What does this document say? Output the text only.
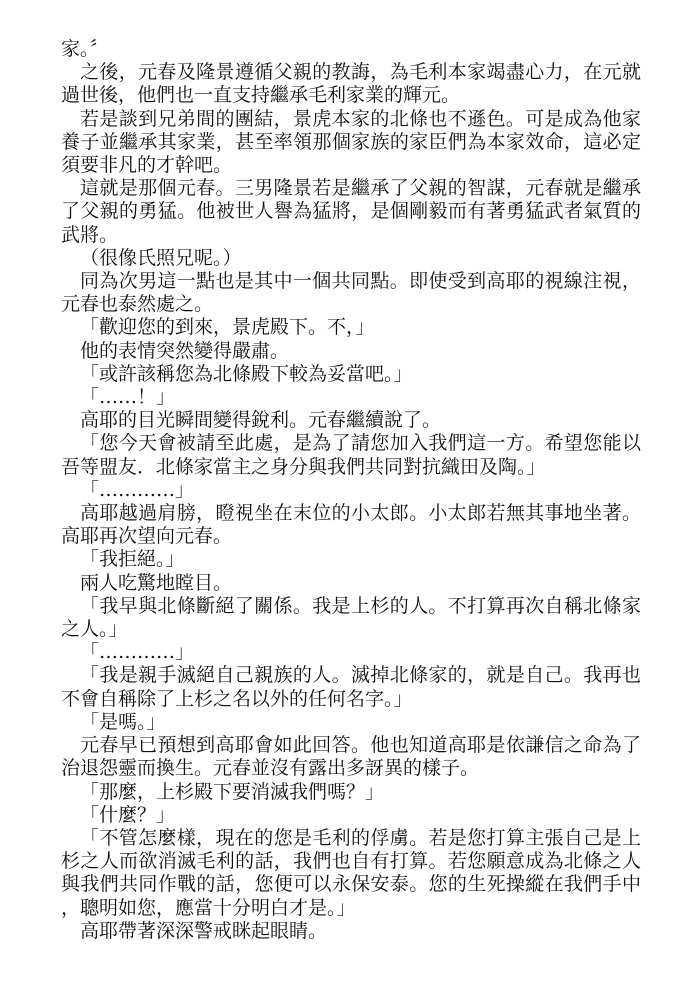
家。〞

之後，元春及隆景遵循父親的教誨，為毛利本家竭盡心力，在元就過世後，他們也一直支持繼承毛利家業的輝元。

若是談到兄弟間的團結，景虎本家的北條也不遜色。可是成為他家養子並繼承其家業，甚至率領那個家族的家臣們為本家效命，這必定須要非凡的才幹吧。

這就是那個元春。三男隆景若是繼承了父親的智謀，元春就是繼承了父親的勇猛。他被世人譽為猛將，是個剛毅而有著勇猛武者氣質的武將。

（很像氏照兄呢。）

同為次男這一點也是其中一個共同點。即使受到高耶的視線注視，元春也泰然處之。

「歡迎您的到來，景虎殿下。不，」

他的表情突然變得嚴肅。

「或許該稱您為北條殿下較為妥當吧。」

「……！」

高耶的目光瞬間變得銳利。元春繼續說了。

「您今天會被請至此處，是為了請您加入我們這一方。希望您能以吾等盟友．北條家當主之身分與我們共同對抗織田及陶。」

「…………」

高耶越過肩膀，瞪視坐在末位的小太郎。小太郎若無其事地坐著。高耶再次望向元春。

「我拒絕。」

兩人吃驚地瞠目。

「我早與北條斷絕了關係。我是上杉的人。不打算再次自稱北條家之人。」

「…………」

「我是親手滅絕自己親族的人。滅掉北條家的，就是自己。我再也不會自稱除了上杉之名以外的任何名字。」

「是嗎。」

元春早已預想到高耶會如此回答。他也知道高耶是依謙信之命為了治退怨靈而換生。元春並沒有露出多訝異的樣子。

「那麼，上杉殿下要消滅我們嗎？」

「什麼？」

「不管怎麼樣，現在的您是毛利的俘虜。若是您打算主張自己是上杉之人而欲消滅毛利的話，我們也自有打算。若您願意成為北條之人與我們共同作戰的話，您便可以永保安泰。您的生死操縱在我們手中，聰明如您，應當十分明白才是。」

高耶帶著深深警戒眯起眼睛。
